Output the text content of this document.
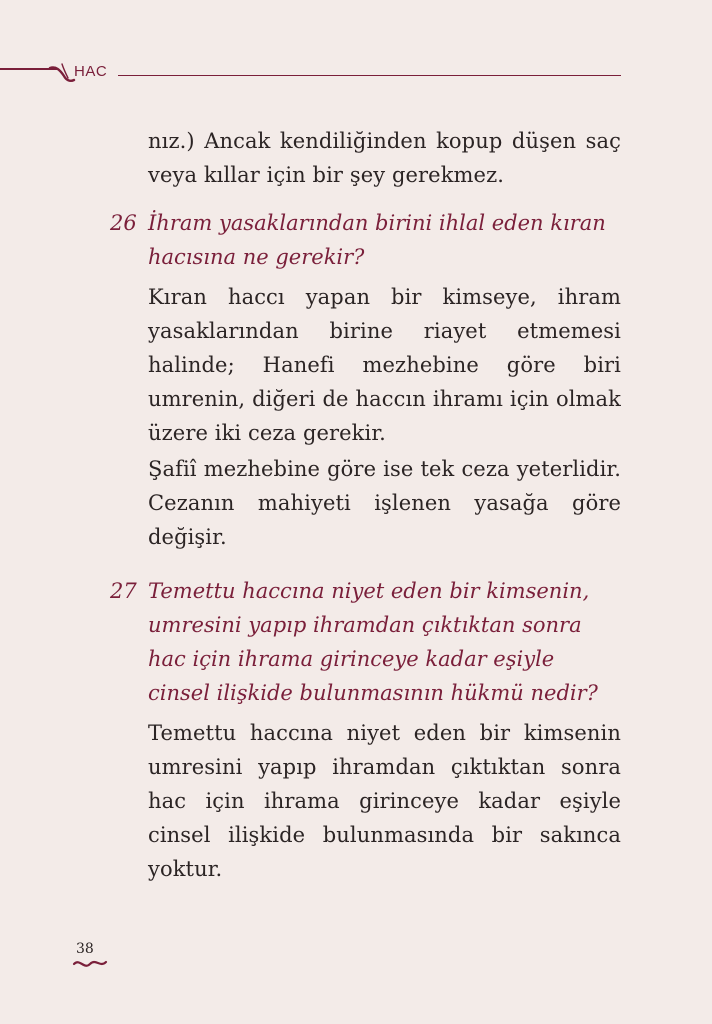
HAC

nız.) Ancak kendiliğinden kopup düşen saç veya kıllar için bir şey gerekmez.

26 İhram yasaklarından birini ihlal eden kıran hacısına ne gerekir?

Kıran haccı yapan bir kimseye, ihram yasaklarından birine riayet etmemesi halinde; Hanefi mezhebine göre biri umrenin, diğeri de haccın ihramı için olmak üzere iki ceza gerekir.

Şafiî mezhebine göre ise tek ceza yeterlidir. Cezanın mahiyeti işlenen yasağa göre değişir.

27 Temettu haccına niyet eden bir kimsenin, umresini yapıp ihramdan çıktıktan sonra hac için ihrama girinceye kadar eşiyle cinsel ilişkide bulunmasının hükmü nedir?

Temettu haccına niyet eden bir kimsenin umresini yapıp ihramdan çıktıktan sonra hac için ihrama girinceye kadar eşiyle cinsel ilişkide bulunmasında bir sakınca yoktur.

38
